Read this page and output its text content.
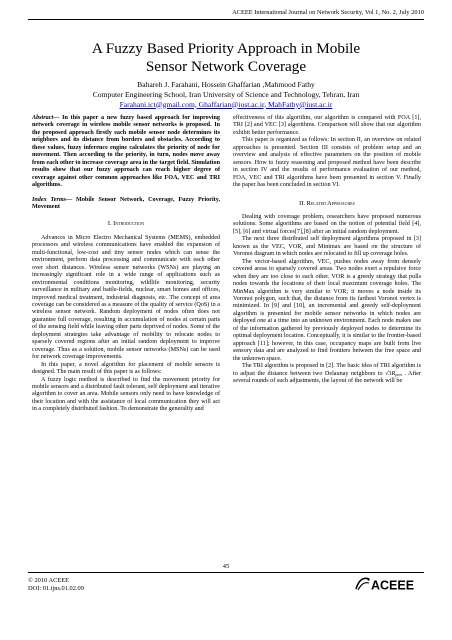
ACEEE International Journal on Network Security, Vol 1, No. 2, July 2010
A Fuzzy Based Priority Approach in Mobile
Sensor Network Coverage
Bahareh J. Farahani, Hossein Ghaffarian ,Mahmood Fathy
Computer Engineering School, Iran University of Science and Technology, Tehran, Iran
Farahani.ict@gmail.com, Ghaffarian@iust.ac.ir, MahFathy@iust.ac.ir

Abstract— In this paper a new fuzzy based approach for improving network coverage in wireless mobile sensor networks is proposed. In the proposed approach firstly each mobile sensor node determines its neighbors and its distance from borders and obstacles. According to these values, fuzzy inference engine calculates the priority of node for movement. Then according to the priority, in turn, nodes move away from each other to increase coverage area in the target field. Simulation results show that our fuzzy approach can reach higher degree of coverage against other common approaches like FOA, VEC and TRI algorithms.

Index Terms— Mobile Sensor Network, Coverage, Fuzzy Priority, Movement

I. Introduction

Advances in Micro Electro Mechanical Systems (MEMS), embedded processors and wireless communications have enabled the expansion of multi-functional, low-cost and tiny sensor nodes which can sense the environment, perform data processing and communicate with each other over short distances. Wireless sensor networks (WSNs) are playing an increasingly significant role in a wide range of applications such as environmental conditions monitoring, wildlife monitoring, security surveillance in military and battle-fields, nuclear, smart homes and offices, improved medical treatment, industrial diagnosis, etc. The concept of area coverage can be considered as a measure of the quality of service (QoS) in a wireless sensor network. Random deployment of nodes often does not guarantee full coverage, resulting in accumulation of nodes at certain parts of the sensing field while leaving other parts deprived of nodes. Some of the deployment strategies take advantage of mobility to relocate nodes to sparsely covered regions after an initial random deployment to improve coverage. Thus as a solution, mobile sensor networks (MSNs) can be used for network coverage improvements.

In this paper, a novel algorithm for placement of mobile sensors is designed. The main result of this paper is as follows:

A fuzzy logic method is described to find the movement priority for mobile sensors and a distributed fault tolerant, self deployment and iterative algorithm to cover an area. Mobile sensors only need to have knowledge of their location and with the assistance of local communication they will act in a completely distributed fashion. To demonstrate the generality and

effectiveness of this algorithm, our algorithm is compared with FOA [1], TRI [2] and VEC [3] algorithms. Comparison will show that our algorithm exhibit better performance.

This paper is organized as follows: In section II, an overview on related approaches is presented. Section III consists of problem setup and an overview and analysis of effective parameters on the position of mobile sensors. How to fuzzy reasoning and proposed method have been describe in section IV and the results of performance evaluation of our method, FOA, VEC and TRI algorithms have been presented in section V. Finally the paper has been concluded in section VI.

II. Related Approaches

Dealing with coverage problem, researchers have proposed numerous solutions. Some algorithms are based on the notion of potential field [4], [5], [6] and virtual forces[7],[8] after an initial random deployment.

The next three distributed self deployment algorithms proposed in [3] known as the VEC, VOR, and Minimax are based on the structure of Voronoi diagram in which nodes are relocated to fill up coverage holes.

The vector-based algorithm, VEC, pushes nodes away from densely covered areas to sparsely covered areas. Two nodes exert a repulsive force when they are too close to each other. VOR is a greedy strategy that pulls nodes towards the locations of their local maximum coverage holes. The MinMax algorithm is very similar to VOR; it moves a node inside its Voronoi polygon, such that, the distance from its farthest Voronoi vertex is minimized. In [9] and [10], an incremental and greedy self-deployment algorithm is presented for mobile sensor networks in which nodes are deployed one at a time into an unknown environment. Each node makes use of the information gathered by previously deployed nodes to determine its optimal deployment location. Conceptually, it is similar to the frontier-based approach [11]; however, in this case, occupancy maps are built from live sensory data and are analyzed to find frontiers between the free space and the unknown space.

The TRI algorithm is proposed in [2]. The basic idea of TRI algorithm is to adjust the distance between two Delaunay neighbors to $√3R_{pen}$ . After several rounds of such adjustments, the layout of the network will be

45
© 2010 ACEEE
DOI: 01.ijns.01.02.09	ACEEE
